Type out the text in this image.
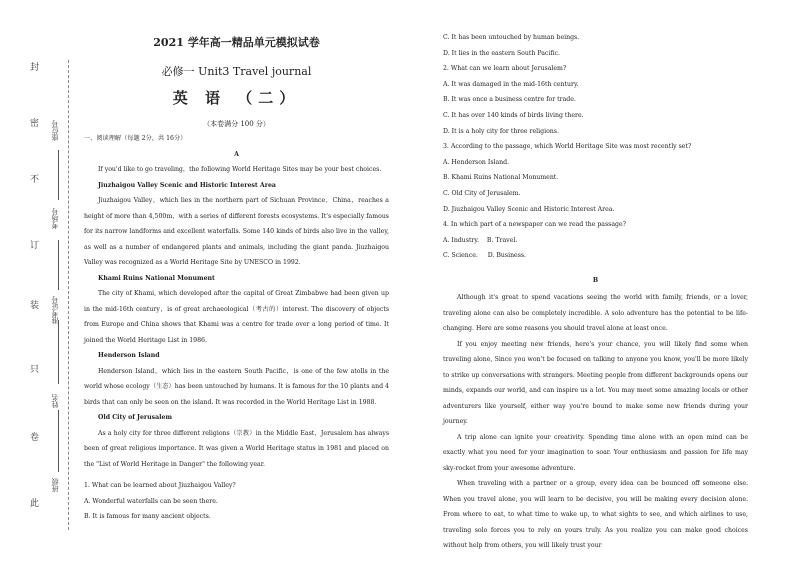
此
卷
只
装
订
不
密
封
班级
姓名
准考证号
考场号
座位号
2021 学年高一精品单元模拟试卷
必修一 Unit3 Travel journal
英 语 （二）
（本卷满分 100 分）

一、阅读理解（每题 2分，共 16分）

A

If you'd like to go traveling，the following World Heritage Sites may be your best choices.

Jiuzhaigou Valley Scenic and Historic Interest Area

Jiuzhaigou Valley，which lies in the northern part of Sichuan Province，China，reaches a height of more than 4,500m，with a series of different forests ecosystems. It's especially famous for its narrow landforms and excellent waterfalls. Some 140 kinds of birds also live in the valley, as well as a number of endangered plants and animals, including the giant panda. Jiuzhaigou Valley was recognized as a World Heritage Site by UNESCO in 1992.

Khami Ruins National Monument

The city of Khami, which developed after the capital of Great Zimbabwe had been given up in the mid-16th century，is of great archaeological（考古的）interest. The discovery of objects from Europe and China shows that Khami was a centre for trade over a long period of time. It joined the World Heritage List in 1986.

Henderson Island

Henderson Island，which lies in the eastern South Pacific，is one of the few atolls in the world whose ecology（生态）has been untouched by humans. It is famous for the 10 plants and 4 birds that can only be seen on the island. It was recorded in the World Heritage List in 1988.

Old City of Jerusalem

As a holy city for three different religions（宗教）in the Middle East，Jerusalem has always been of great religious importance. It was given a World Heritage status in 1981 and placed on the "List of World Heritage in Danger" the following year.

1. What can be learned about Jiuzhaigou Valley?

A. Wonderful waterfalls can be seen there.

B. It is famous for many ancient objects.

C. It has been untouched by human beings.

D. It lies in the eastern South Pacific.

2. What can we learn about Jerusalem?

A. It was damaged in the mid-16th century.

B. It was once a business centre for trade.

C. It has over 140 kinds of birds living there.

D. It is a holy city for three religions.

3. According to the passage, which World Heritage Site was most recently set?

A. Henderson Island.

B. Khami Ruins National Monument.

C. Old City of Jerusalem.

D. Jiuzhaigou Valley Scenic and Historic Interest Area.

4. In which part of a newspaper can we read the passage?

A. Industry.    B. Travel.

C. Science.     D. Business.

B

Although it's great to spend vacations seeing the world with family, friends, or a lover, traveling alone can also be completely incredible. A solo adventure has the potential to be life-changing. Here are some reasons you should travel alone at least once.

If you enjoy meeting new friends, here's your chance, you will likely find some when traveling alone, Since you won't be focused on talking to anyone you know, you'll be more likely to strike up conversations with strangers. Meeting people from different backgrounds opens our minds, expands our world, and can inspire us a lot. You may meet some amazing locals or other adventurers like yourself, either way you're bound to make some new friends during your journey.

A trip alone can ignite your creativity. Spending time alone with an open mind can be exactly what you need for your imagination to soar. Your enthusiasm and passion for life may sky-rocket from your awesome adventure.

When traveling with a partner or a group, every idea can be bounced off someone else. When you travel alone, you will learn to be decisive, you will be making every decision alone. From where to eat, to what time to wake up, to what sights to see, and which airlines to use, traveling solo forces you to rely on yours truly. As you realize you can make good choices without help from others, you will likely trust your
